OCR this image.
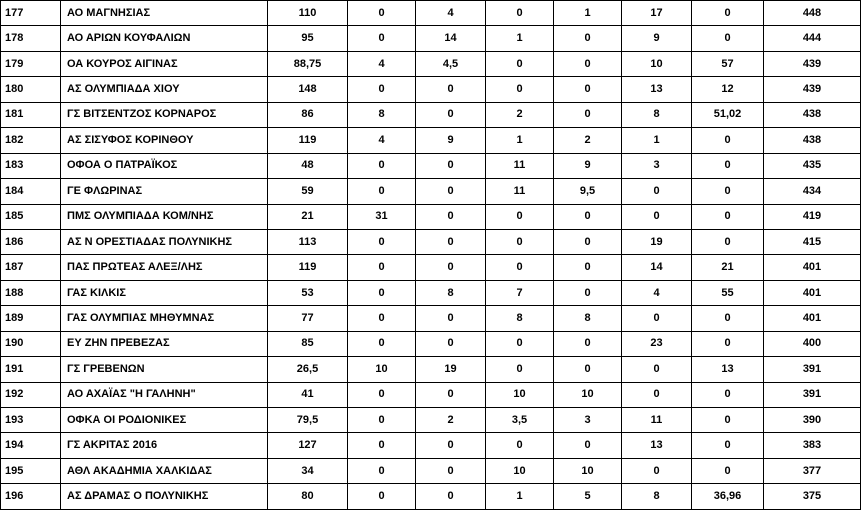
177	ΑΟ ΜΑΓΝΗΣΙΑΣ	110	0	4	0	1	17	0	448
178	ΑΟ ΑΡΙΩΝ ΚΟΥΦΑΛΙΩΝ	95	0	14	1	0	9	0	444
179	ΟΑ ΚΟΥΡΟΣ ΑΙΓΙΝΑΣ	88,75	4	4,5	0	0	10	57	439
180	ΑΣ ΟΛΥΜΠΙΑΔΑ ΧΙΟΥ	148	0	0	0	0	13	12	439
181	ΓΣ ΒΙΤΣΕΝΤΖΟΣ ΚΟΡΝΑΡΟΣ	86	8	0	2	0	8	51,02	438
182	ΑΣ ΣΙΣΥΦΟΣ ΚΟΡΙΝΘΟΥ	119	4	9	1	2	1	0	438
183	ΟΦΟΑ Ο ΠΑΤΡΑΪΚΟΣ	48	0	0	11	9	3	0	435
184	ΓΕ ΦΛΩΡΙΝΑΣ	59	0	0	11	9,5	0	0	434
185	ΠΜΣ ΟΛΥΜΠΙΑΔΑ ΚΟΜ/ΝΗΣ	21	31	0	0	0	0	0	419
186	ΑΣ Ν ΟΡΕΣΤΙΑΔΑΣ ΠΟΛΥΝΙΚΗΣ	113	0	0	0	0	19	0	415
187	ΠΑΣ ΠΡΩΤΕΑΣ ΑΛΕΞ/ΛΗΣ	119	0	0	0	0	14	21	401
188	ΓΑΣ ΚΙΛΚΙΣ	53	0	8	7	0	4	55	401
189	ΓΑΣ ΟΛΥΜΠΙΑΣ ΜΗΘΥΜΝΑΣ	77	0	0	8	8	0	0	401
190	ΕΥ ΖΗΝ ΠΡΕΒΕΖΑΣ	85	0	0	0	0	23	0	400
191	ΓΣ ΓΡΕΒΕΝΩΝ	26,5	10	19	0	0	0	13	391
192	ΑΟ ΑΧΑΪΑΣ "Η ΓΑΛΗΝΗ"	41	0	0	10	10	0	0	391
193	ΟΦΚΑ ΟΙ ΡΟΔΙΟΝΙΚΕΣ	79,5	0	2	3,5	3	11	0	390
194	ΓΣ ΑΚΡΙΤΑΣ 2016	127	0	0	0	0	13	0	383
195	ΑΘΛ ΑΚΑΔΗΜΙΑ ΧΑΛΚΙΔΑΣ	34	0	0	10	10	0	0	377
196	ΑΣ ΔΡΑΜΑΣ Ο ΠΟΛΥΝΙΚΗΣ	80	0	0	1	5	8	36,96	375
